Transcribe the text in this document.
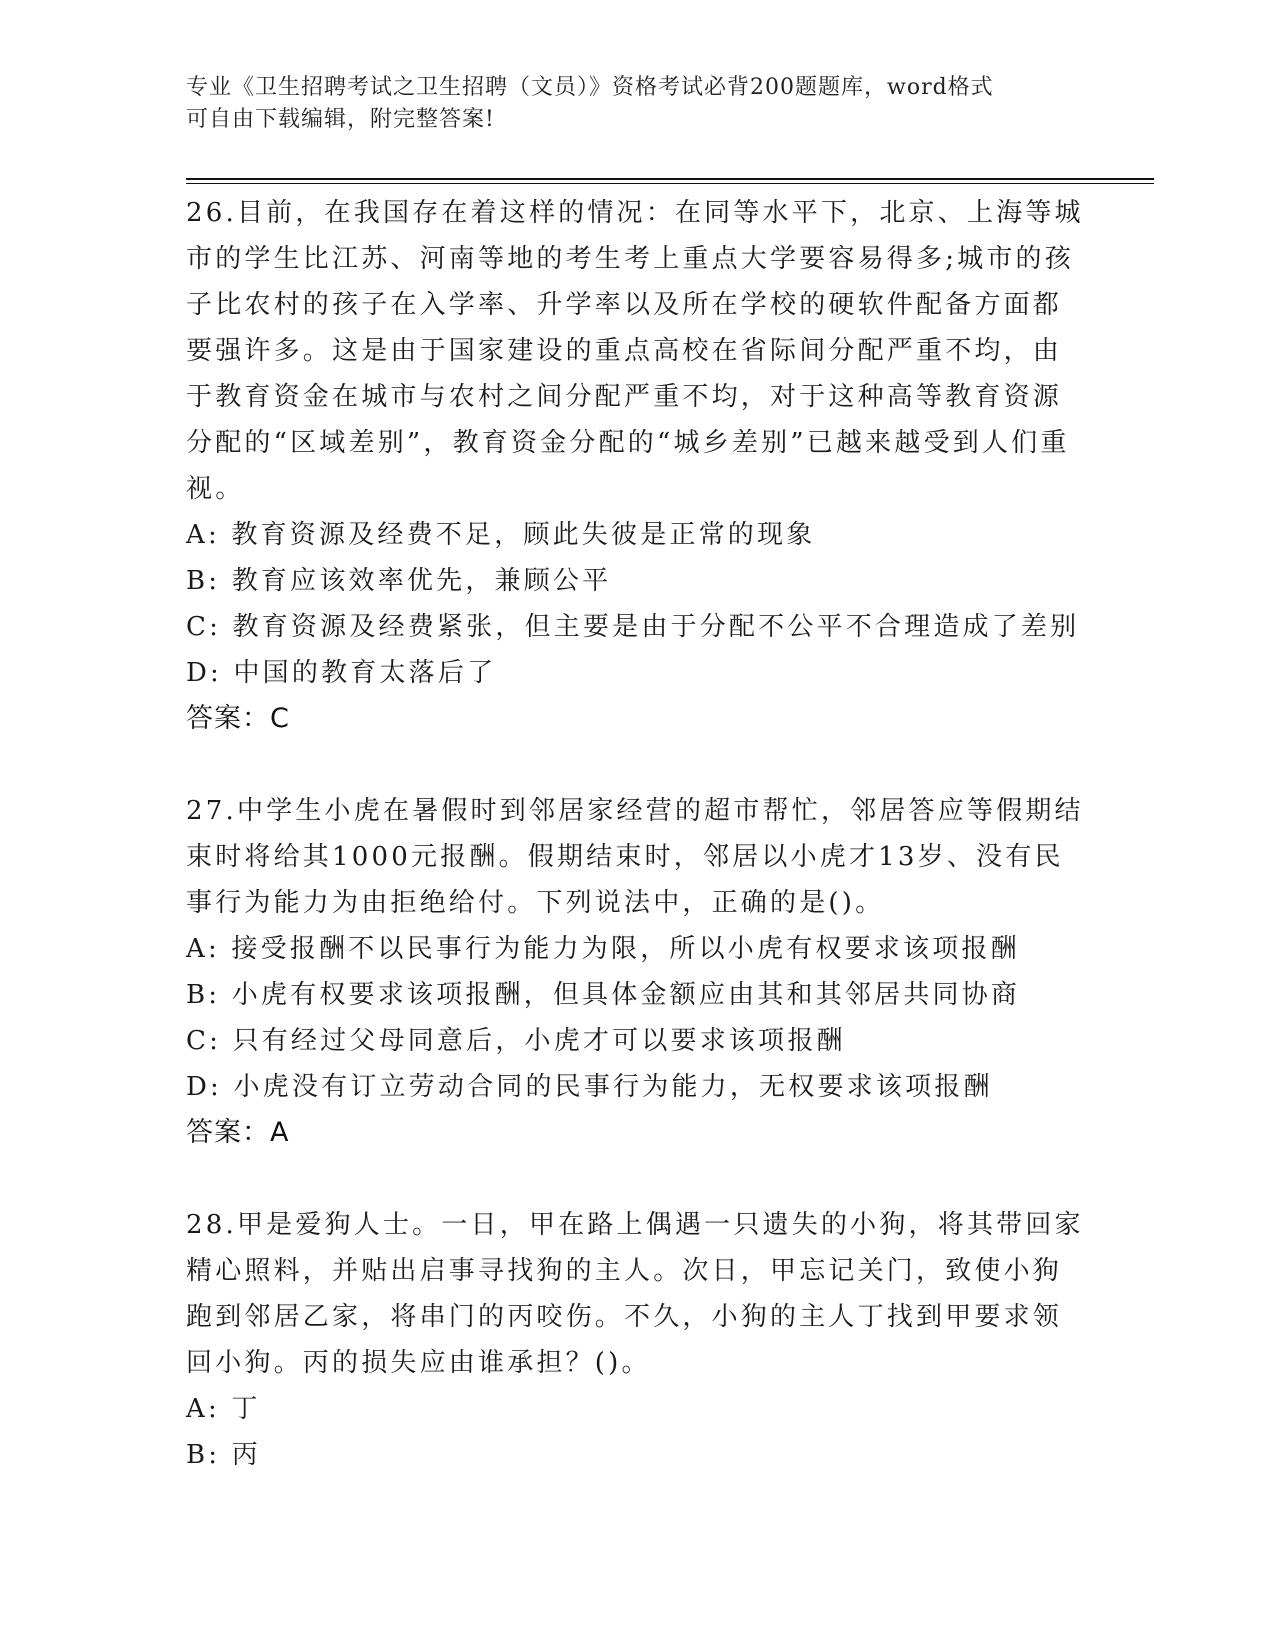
专业《卫生招聘考试之卫生招聘（文员）》资格考试必背200题题库，word格式
可自由下载编辑，附完整答案!

26.目前，在我国存在着这样的情况：在同等水平下，北京、上海等城市的学生比江苏、河南等地的考生考上重点大学要容易得多;城市的孩子比农村的孩子在入学率、升学率以及所在学校的硬软件配备方面都要强许多。这是由于国家建设的重点高校在省际间分配严重不均，由于教育资金在城市与农村之间分配严重不均，对于这种高等教育资源分配的“区域差别”，教育资金分配的“城乡差别”已越来越受到人们重视。

A: 教育资源及经费不足，顾此失彼是正常的现象

B: 教育应该效率优先，兼顾公平

C: 教育资源及经费紧张，但主要是由于分配不公平不合理造成了差别

D: 中国的教育太落后了

答案：C

27.中学生小虎在暑假时到邻居家经营的超市帮忙，邻居答应等假期结束时将给其1000元报酬。假期结束时，邻居以小虎才13岁、没有民事行为能力为由拒绝给付。下列说法中，正确的是()。

A: 接受报酬不以民事行为能力为限，所以小虎有权要求该项报酬

B: 小虎有权要求该项报酬，但具体金额应由其和其邻居共同协商

C: 只有经过父母同意后，小虎才可以要求该项报酬

D: 小虎没有订立劳动合同的民事行为能力，无权要求该项报酬

答案：A

28.甲是爱狗人士。一日，甲在路上偶遇一只遗失的小狗，将其带回家精心照料，并贴出启事寻找狗的主人。次日，甲忘记关门，致使小狗跑到邻居乙家，将串门的丙咬伤。不久，小狗的主人丁找到甲要求领回小狗。丙的损失应由谁承担？()。

A: 丁

B: 丙
